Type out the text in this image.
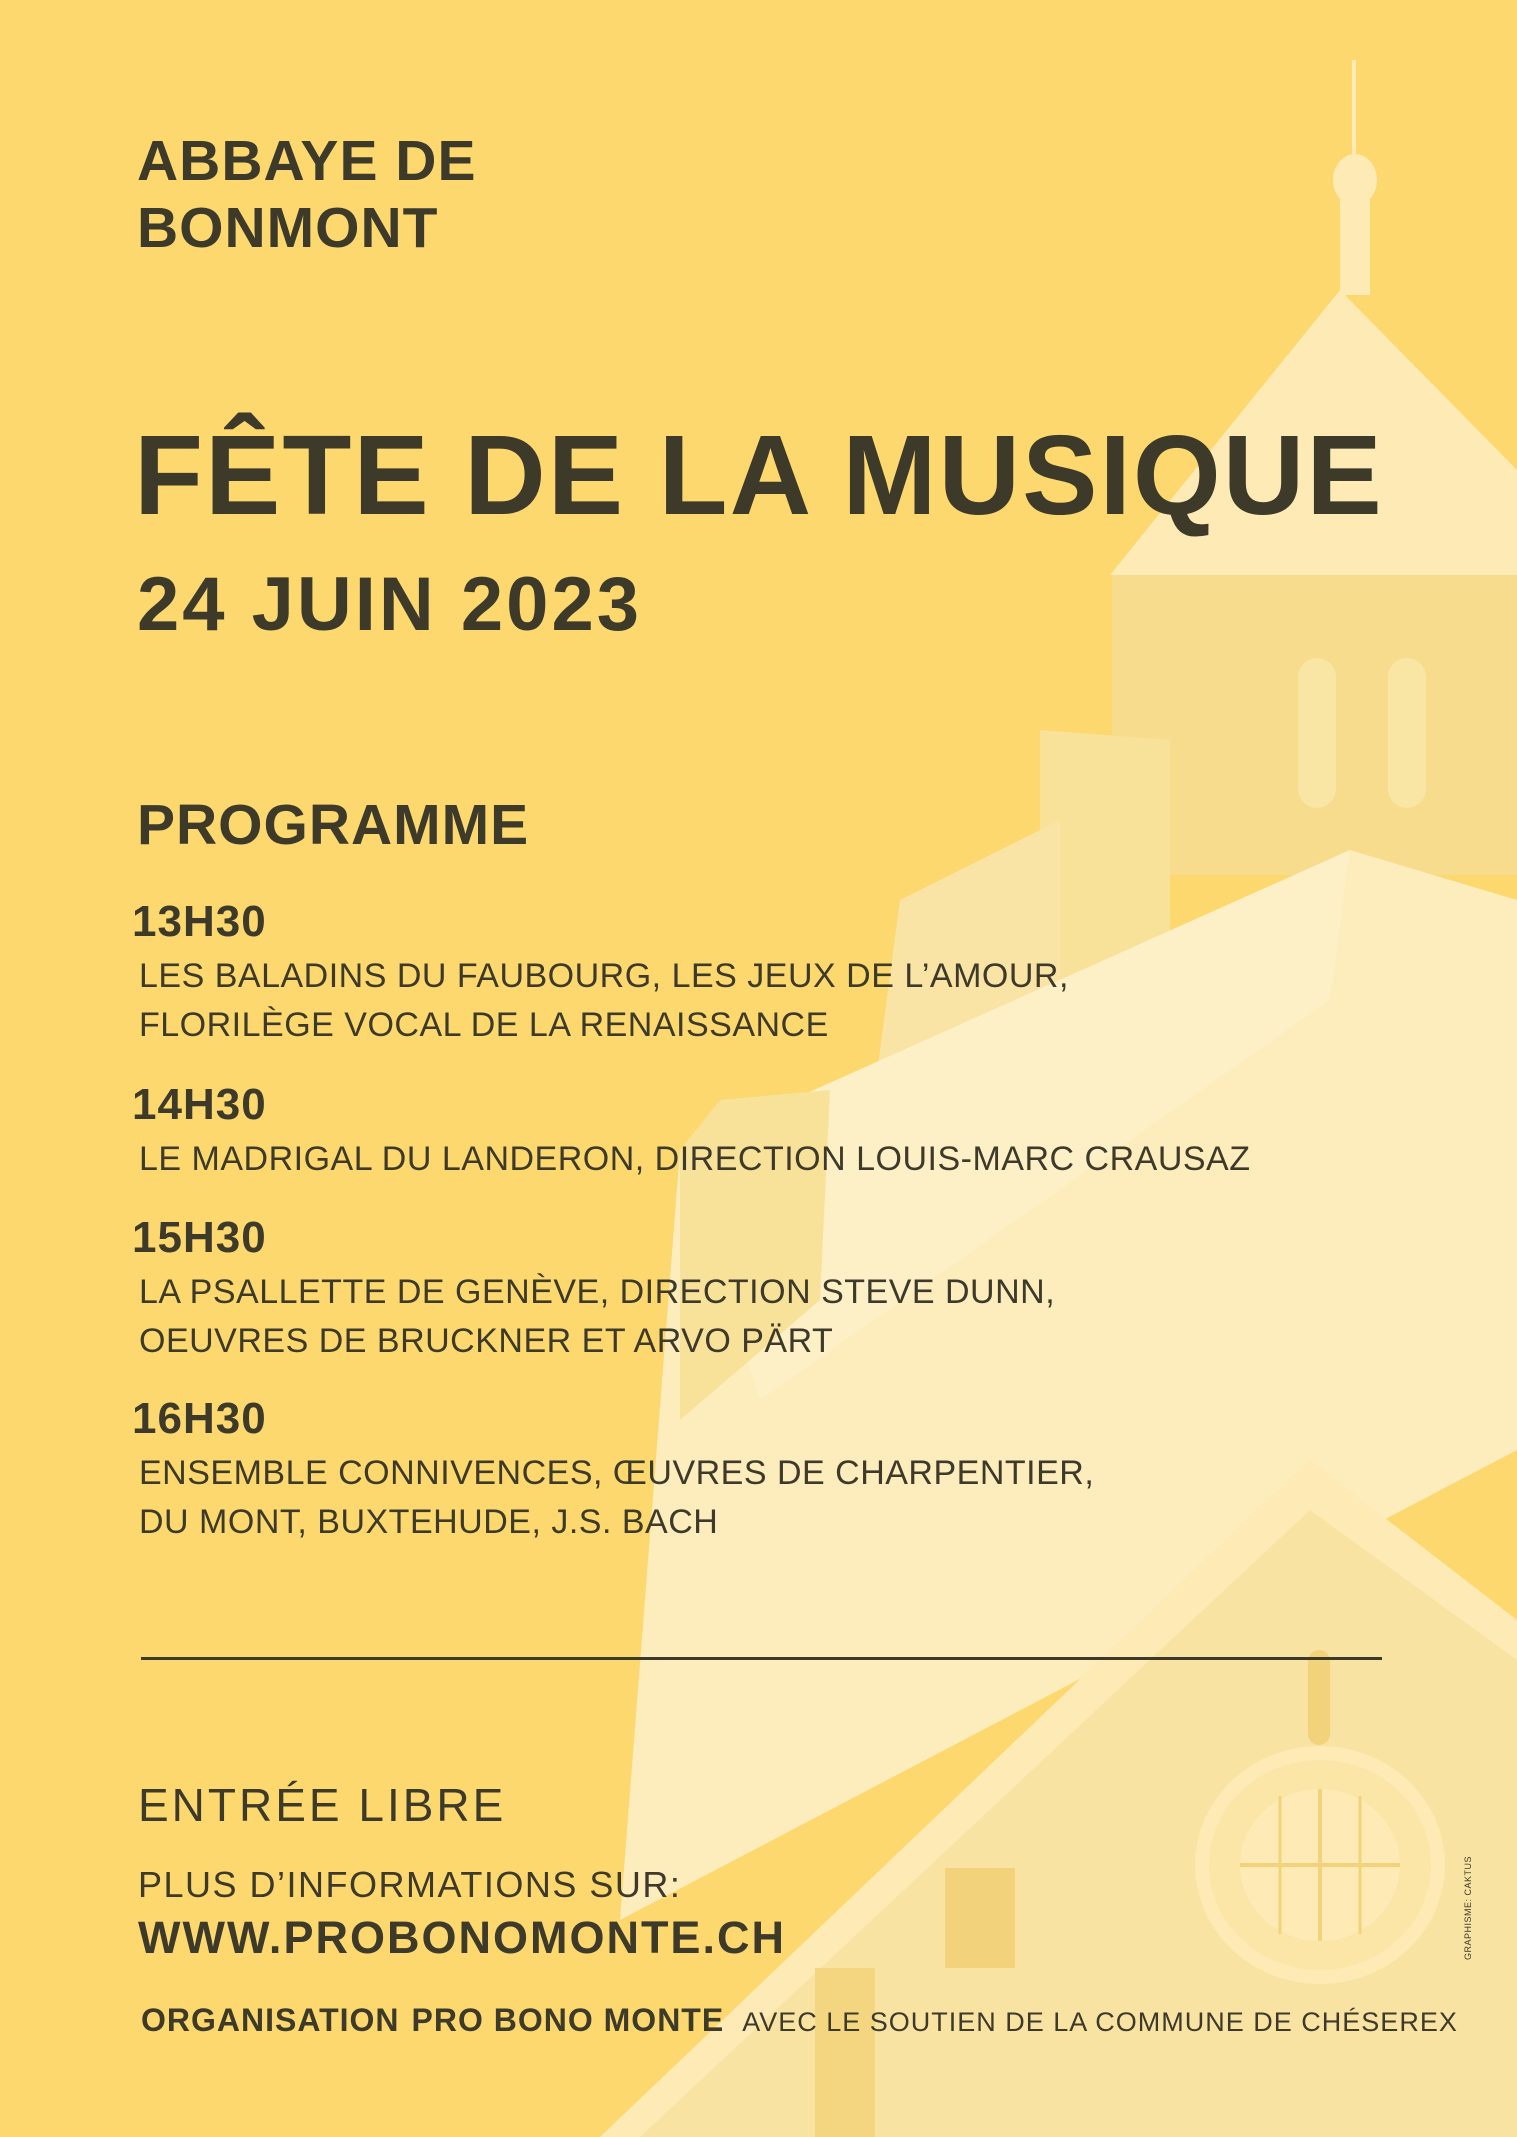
ABBAYE DE
BONMONT
FÊTE DE LA MUSIQUE
24 JUIN 2023
PROGRAMME
13H30
LES BALADINS DU FAUBOURG, LES JEUX DE L’AMOUR,
FLORILÈGE VOCAL DE LA RENAISSANCE
14H30
LE MADRIGAL DU LANDERON, DIRECTION LOUIS-MARC CRAUSAZ
15H30
LA PSALLETTE DE GENÈVE, DIRECTION STEVE DUNN,
OEUVRES DE BRUCKNER ET ARVO PÄRT
16H30
ENSEMBLE CONNIVENCES, ŒUVRES DE CHARPENTIER,
DU MONT, BUXTEHUDE, J.S. BACH
ENTRÉE LIBRE
PLUS D’INFORMATIONS SUR:
WWW.PROBONOMONTE.CH
ORGANISATION PRO BONO MONTE AVEC LE SOUTIEN DE LA COMMUNE DE CHÉSEREX
GRAPHISME: CAKTUS
